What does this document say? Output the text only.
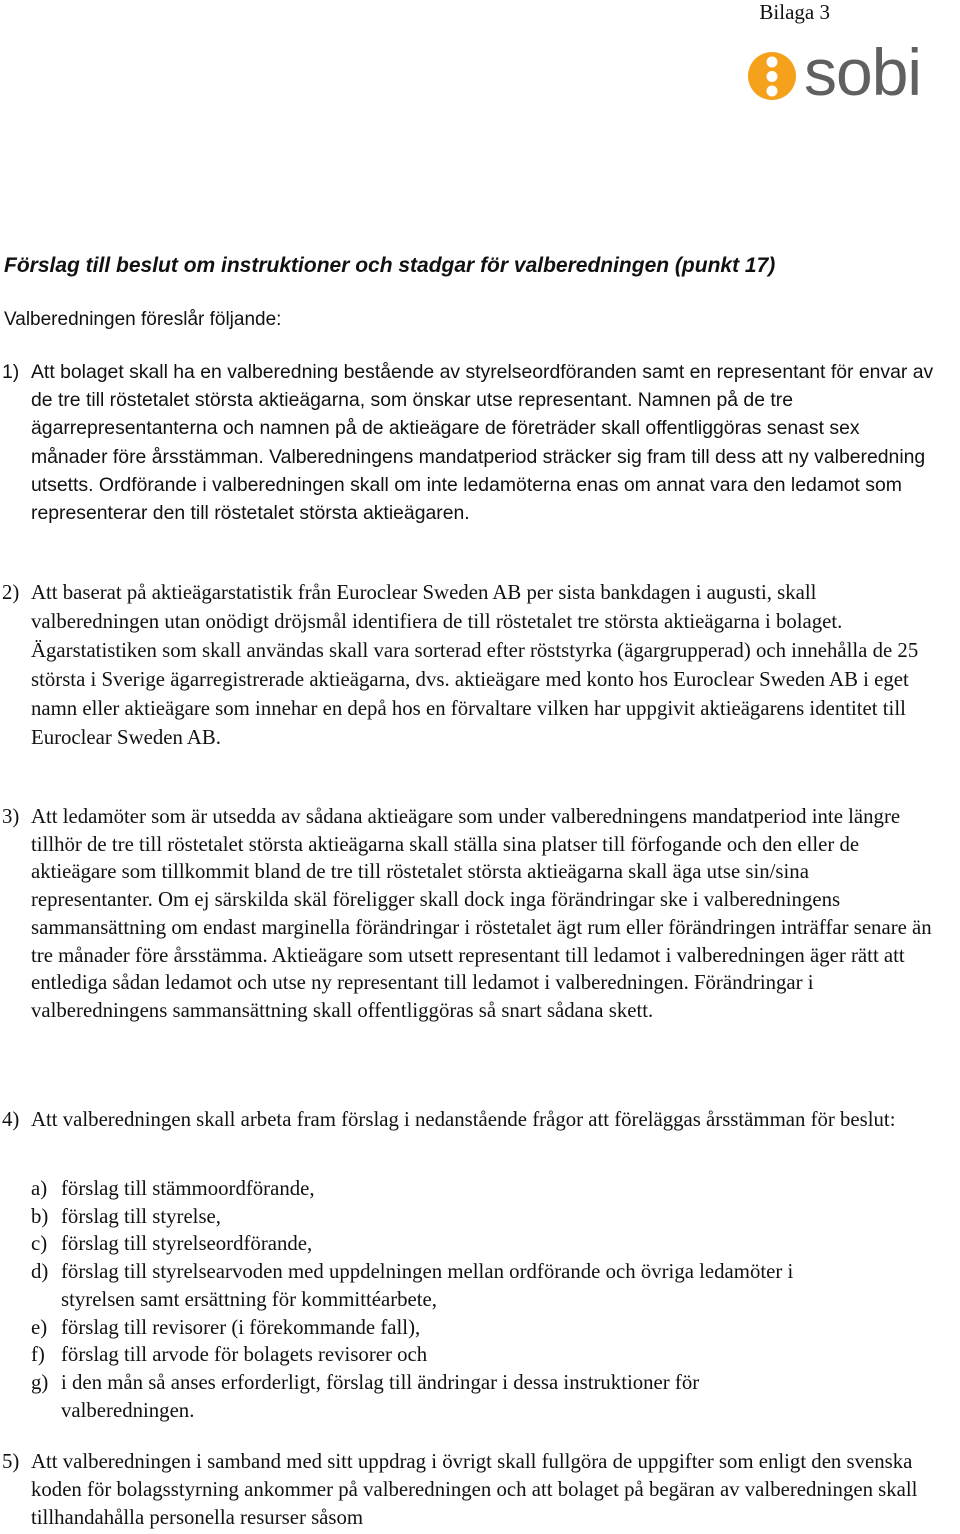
Bilaga 3
sobi
Förslag till beslut om instruktioner och stadgar för valberedningen (punkt 17)
Valberedningen föreslår följande:
1) Att bolaget skall ha en valberedning bestående av styrelseordföranden samt en representant för envar av de tre till röstetalet största aktieägarna, som önskar utse representant. Namnen på de tre ägarrepresentanterna och namnen på de aktieägare de företräder skall offentliggöras senast sex månader före årsstämman. Valberedningens mandatperiod sträcker sig fram till dess att ny valberedning utsetts. Ordförande i valberedningen skall om inte ledamöterna enas om annat vara den ledamot som representerar den till röstetalet största aktieägaren.
2) Att baserat på aktieägarstatistik från Euroclear Sweden AB per sista bankdagen i augusti, skall valberedningen utan onödigt dröjsmål identifiera de till röstetalet tre största aktieägarna i bolaget. Ägarstatistiken som skall användas skall vara sorterad efter röststyrka (ägargrupperad) och innehålla de 25 största i Sverige ägarregistrerade aktieägarna, dvs. aktieägare med konto hos Euroclear Sweden AB i eget namn eller aktieägare som innehar en depå hos en förvaltare vilken har uppgivit aktieägarens identitet till Euroclear Sweden AB.
3) Att ledamöter som är utsedda av sådana aktieägare som under valberedningens mandatperiod inte längre tillhör de tre till röstetalet största aktieägarna skall ställa sina platser till förfogande och den eller de aktieägare som tillkommit bland de tre till röstetalet största aktieägarna skall äga utse sin/sina representanter. Om ej särskilda skäl föreligger skall dock inga förändringar ske i valberedningens sammansättning om endast marginella förändringar i röstetalet ägt rum eller förändringen inträffar senare än tre månader före årsstämma. Aktieägare som utsett representant till ledamot i valberedningen äger rätt att entlediga sådan ledamot och utse ny representant till ledamot i valberedningen. Förändringar i valberedningens sammansättning skall offentliggöras så snart sådana skett.
4) Att valberedningen skall arbeta fram förslag i nedanstående frågor att föreläggas årsstämman för beslut:
a) förslag till stämmoordförande,
b) förslag till styrelse,
c) förslag till styrelseordförande,
d) förslag till styrelsearvoden med uppdelningen mellan ordförande och övriga ledamöter i styrelsen samt ersättning för kommittéarbete,
e) förslag till revisorer (i förekommande fall),
f) förslag till arvode för bolagets revisorer och
g) i den mån så anses erforderligt, förslag till ändringar i dessa instruktioner för valberedningen.
5) Att valberedningen i samband med sitt uppdrag i övrigt skall fullgöra de uppgifter som enligt den svenska koden för bolagsstyrning ankommer på valberedningen och att bolaget på begäran av valberedningen skall tillhandahålla personella resurser såsom
